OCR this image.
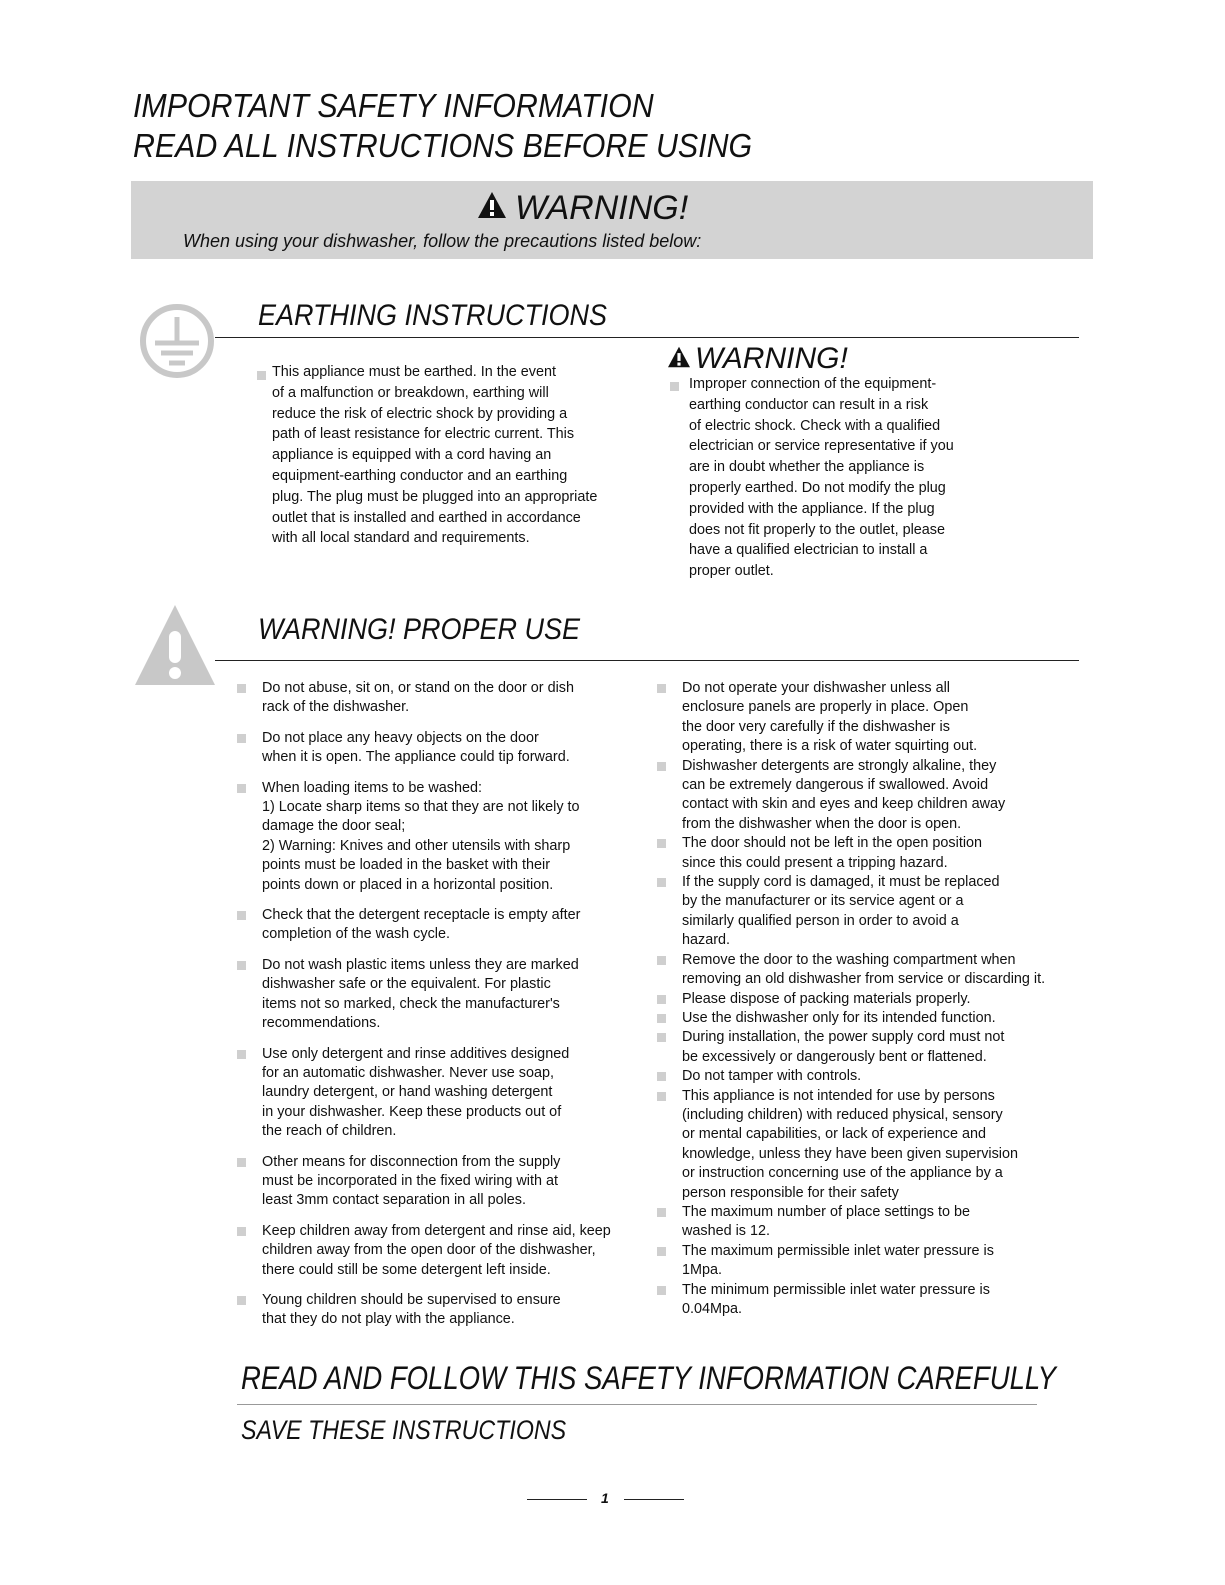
IMPORTANT SAFETY INFORMATION
READ ALL INSTRUCTIONS BEFORE USING
WARNING!
When using your dishwasher, follow the precautions listed below:
EARTHING INSTRUCTIONS
This appliance must be earthed. In the event
of a malfunction or breakdown, earthing will
reduce the risk of electric shock by providing a
path of least resistance for electric current. This
appliance is equipped with a cord having an
equipment-earthing conductor and an earthing
plug. The plug must be plugged into an appropriate
outlet that is installed and earthed in accordance
with all local standard and requirements.
WARNING!
Improper connection of the equipment-
earthing conductor can result in a risk
of electric shock. Check with a qualified
electrician or service representative if you
are in doubt whether the appliance is
properly earthed. Do not modify the plug
provided with the appliance. If the plug
does not fit properly to the outlet, please
have a qualified electrician to install a
proper outlet.
WARNING! PROPER USE
Do not abuse, sit on, or stand on the door or dish
rack of the dishwasher.
Do not place any heavy objects on the door
when it is open. The appliance could tip forward.
When loading items to be washed:
1) Locate sharp items so that they are not likely to
damage the door seal;
2) Warning: Knives and other utensils with sharp
points must be loaded in the basket with their
points down or placed in a horizontal position.
Check that the detergent receptacle is empty after
completion of the wash cycle.
Do not wash plastic items unless they are marked
dishwasher safe or the equivalent. For plastic
items not so marked, check the manufacturer's
recommendations.
Use only detergent and rinse additives designed
for an automatic dishwasher. Never use soap,
laundry detergent, or hand washing detergent
in your dishwasher. Keep these products out of
the reach of children.
Other means for disconnection from the supply
must be incorporated in the fixed wiring with at
least 3mm contact separation in all poles.
Keep children away from detergent and rinse aid, keep
children away from the open door of the dishwasher,
there could still be some detergent left inside.
Young children should be supervised to ensure
that they do not play with the appliance.
Do not operate your dishwasher unless all
enclosure panels are properly in place. Open
the door very carefully if the dishwasher is
operating, there is a risk of water squirting out.
Dishwasher detergents are strongly alkaline, they
can be extremely dangerous if swallowed. Avoid
contact with skin and eyes and keep children away
from the dishwasher when the door is open.
The door should not be left in the open position
since this could present a tripping hazard.
If the supply cord is damaged, it must be replaced
by the manufacturer or its service agent or a
similarly qualified person in order to avoid a
hazard.
Remove the door to the washing compartment when
removing an old dishwasher from service or discarding it.
Please dispose of packing materials properly.
Use the dishwasher only for its intended function.
During installation, the power supply cord must not
be excessively or dangerously bent or flattened.
Do not tamper with controls.
This appliance is not intended for use by persons
(including children) with reduced physical, sensory
or mental capabilities, or lack of experience and
knowledge, unless they have been given supervision
or instruction concerning use of the appliance by a
person responsible for their safety
The maximum number of place settings to be
washed is 12.
The maximum permissible inlet water pressure is
1Mpa.
The minimum permissible inlet water pressure is
0.04Mpa.
READ AND FOLLOW THIS SAFETY INFORMATION CAREFULLY
SAVE THESE INSTRUCTIONS
1
